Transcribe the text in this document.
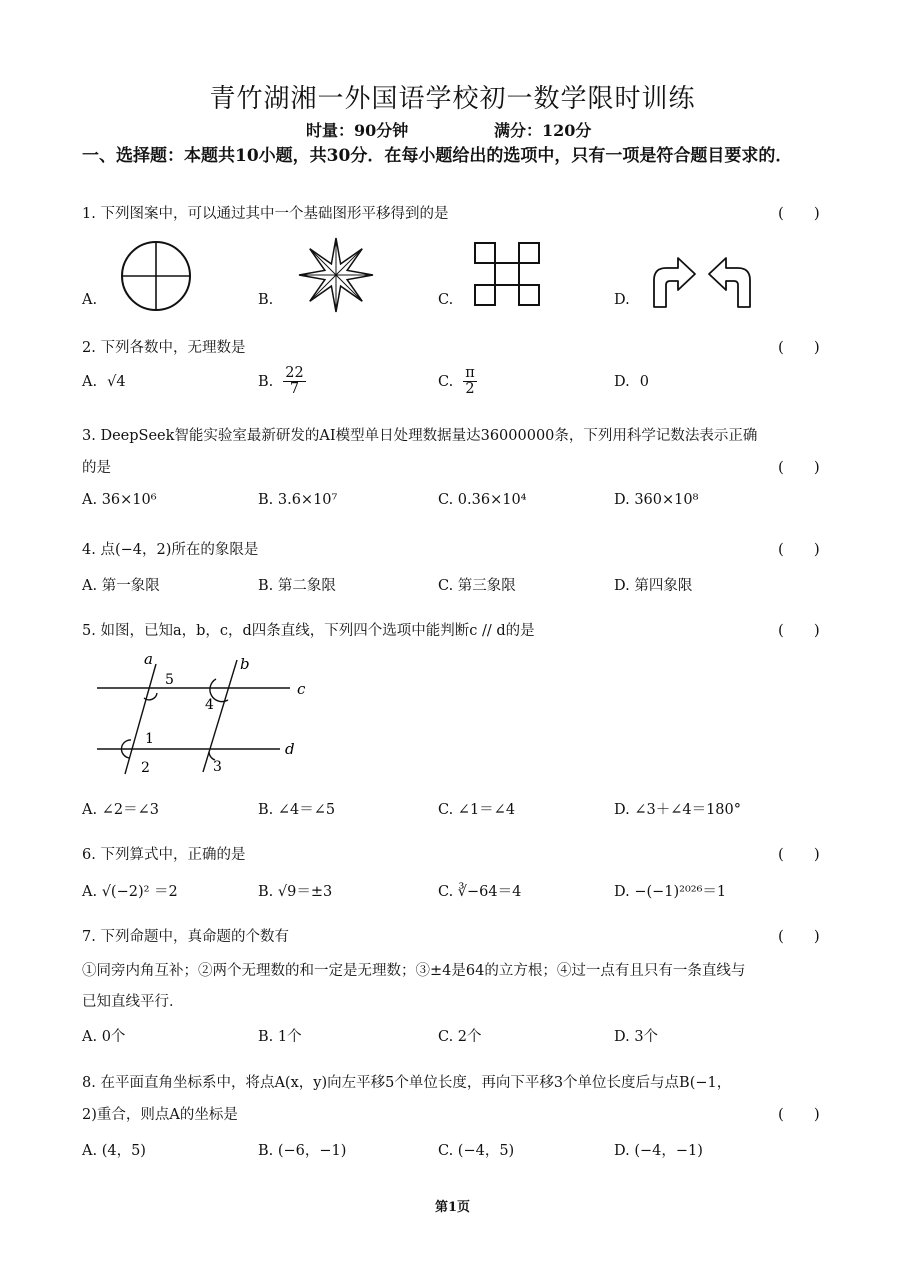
青竹湖湘一外国语学校初一数学限时训练
时量：90分钟	满分：120分
一、选择题：本题共10小题，共30分．在每小题给出的选项中，只有一项是符合题目要求的．
1. 下列图案中，可以通过其中一个基础图形平移得到的是	(　　)
A.	B.	C.	D.
2. 下列各数中，无理数是	(　　)
A. √4	B. $\frac{22}{7}$	C. $\frac{\pi}{2}$	D. 0
3. DeepSeek智能实验室最新研发的AI模型单日处理数据量达36000000条，下列用科学记数法表示正确
的是	(　　)
A. 36×10⁶	B. 3.6×10⁷	C. 0.36×10⁴	D. 360×10⁸
4. 点(−4，2)所在的象限是	(　　)
A. 第一象限	B. 第二象限	C. 第三象限	D. 第四象限
5. 如图，已知a，b，c，d四条直线，下列四个选项中能判断c // d的是	(　　)
a	b
c
d
5
4
1
2	3
A. ∠2＝∠3	B. ∠4＝∠5	C. ∠1＝∠4	D. ∠3＋∠4＝180°
6. 下列算式中，正确的是	(　　)
A. √(−2)² ＝2	B. √9＝±3	C. ∛−64＝4	D. −(−1)²⁰²⁶＝1
7. 下列命题中，真命题的个数有	(　　)
①同旁内角互补；②两个无理数的和一定是无理数；③±4是64的立方根；④过一点有且只有一条直线与
已知直线平行．
A. 0个	B. 1个	C. 2个	D. 3个
8. 在平面直角坐标系中，将点A(x，y)向左平移5个单位长度，再向下平移3个单位长度后与点B(−1，
2)重合，则点A的坐标是	(　　)
A. (4，5)	B. (−6，−1)	C. (−4，5)	D. (−4，−1)
第1页
